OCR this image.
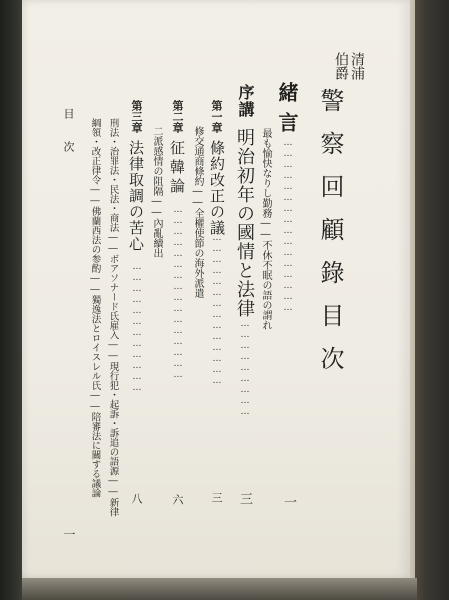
清浦
伯爵
警察回顧錄目次
緒言
…………………………………………
一
最も愉快なりし勤務――不休不眠の語の謂れ
序講
明治初年の國情と法律
…………………………
三
第一章
條約改正の議
……………………………………
三
修交通商條約――全權使節の海外派遣
第二章
征韓論
…………………………………………
六
二派感情の阻隔――內亂續出
第三章
法律取調の苦心
………………………………
八
刑法・治罪法・民法・商法――ボアソナード氏雇入――現行犯・起訴・訴追の語源――新律
綱領・改正律令――佛蘭西法の参酌――獨逸法とロイスレル氏――陪審法に關する議論
目次
一
